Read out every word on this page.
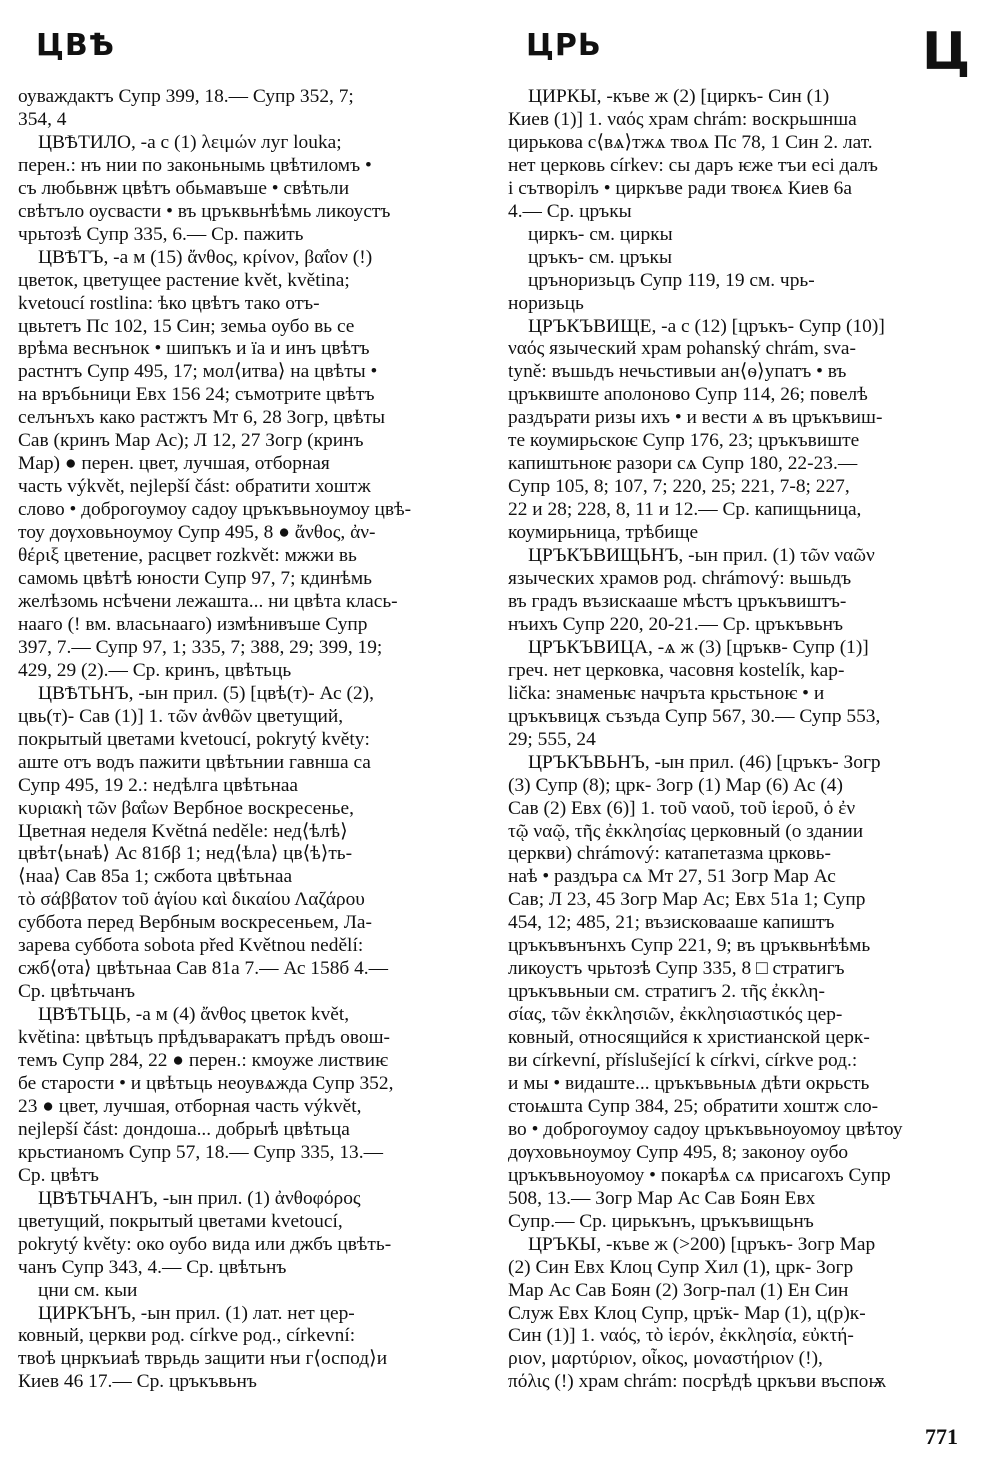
ЦВѢ	ЦРЬ	Ц
оуваждактъ Супр 399, 18.— Супр 352, 7;
354, 4
ЦВѢТИЛО, -а с (1) λειμών луг louka;
перен.: нъ нии по законьнымь цвѣтиломъ •
съ любьвнж цвѣтъ обьмавъше • свѣтьли
свѣтъло оусвасти • въ цръквьнѣѣмь ликоустъ
чрьтозѣ Супр 335, 6.— Ср. пажить
ЦВѢТЪ, -а м (15) ἄνθος, κρίνον, βαΐον (!)
цветок, цветущее растение květ, květina;
kvetoucí rostlina: ѣко цвѣтъ тако отъ-
цвьтетъ Пс 102, 15 Син; земьа оубо вь се
врѣма веснънок • шипъкъ и їа и инъ цвѣтъ
растнтъ Супр 495, 17; мол⟨итва⟩ на цвѣты •
на връбьници Евх 156 24; съмотрите цвѣтъ
селънъхъ како растжтъ Мт 6, 28 Зогр, цвѣты
Сав (кринъ Мар Ас); Л 12, 27 Зогр (кринъ
Мар) ● перен. цвет, лучшая, отборная
часть výkvět, nejlepší část: обратити хоштж
слово • доброгоумоу садоу цръкъвьноумоу цвѣ-
тоу дѹховьноумоу Супр 495, 8 ● ἄνθος, ἀν-
θέριξ цветение, расцвет rozkvět: мжжи вь
самомь цвѣтѣ юности Супр 97, 7; кдинѣмь
желѣзомь нсѣчени лежашта... ни цвѣта клась-
нааго (! вм. власьнааго) измѣнивъше Супр
397, 7.— Супр 97, 1; 335, 7; 388, 29; 399, 19;
429, 29 (2).— Ср. кринъ, цвѣтьць
ЦВѢТЬНЪ, -ын прил. (5) [цвѣ(т)- Ас (2),
цвь(т)- Сав (1)] 1. τῶν ἀνθῶν цветущий,
покрытый цветами kvetoucí, pokrytý květy:
аште отъ водъ пажити цвѣтьнии гавнша са
Супр 495, 19 2.: недѣлга цвѣтьнаа
κυριακὴ τῶν βαΐων Вербное воскресенье,
Цветная неделя Květná neděle: нед⟨ѣлѣ⟩
цвѣт⟨ьнаѣ⟩ Ас 81бβ 1; нед⟨ѣла⟩ цв⟨ѣ⟩ть-
⟨наа⟩ Сав 85а 1; сжбота цвѣтьнаа
τὸ σάββατον τοῦ ἁγίου καὶ δικαίου Λαζάρου
суббота перед Вербным воскресеньем, Ла-
зарева суббота sobota před Květnou nedělí:
сжб⟨ота⟩ цвѣтьнаа Сав 81а 7.— Ас 158б 4.—
Ср. цвѣтьчанъ
ЦВѢТЬЦЬ, -а м (4) ἄνθος цветок květ,
květina: цвѣтьцъ прѣдъваракатъ прѣдъ овош-
темъ Супр 284, 22 ● перен.: кмоуже листвиѥ
бе старости • и цвѣтьць неоувѧжда Супр 352,
23 ● цвет, лучшая, отборная часть výkvět,
nejlepší část: дондоша... добрыѣ цвѣтьца
крьстианомъ Супр 57, 18.— Супр 335, 13.—
Ср. цвѣтъ
ЦВѢТЬЧАНЪ, -ын прил. (1) ἀνθοφόρος
цветущий, покрытый цветами kvetoucí,
pokrytý květy: око оубо вида или джбъ цвѣть-
чанъ Супр 343, 4.— Ср. цвѣтьнъ
цни см. кыи
ЦИРКЪНЪ, -ын прил. (1) лат. нет цер-
ковный, церкви род. církve род., církevní:
твоѣ цнркъиаѣ тврьдь защити нъи г⟨оспод⟩и
Киев 46 17.— Ср. цръкъвьнъ
ЦИРКЫ, -къве ж (2) [циркъ- Син (1)
Киев (1)] 1. ναός храм chrám: воскрьшнша
цирькова с⟨вѧ⟩тжѧ твоѧ Пс 78, 1 Син 2. лат.
нет церковь církev: сы даръ ѥже тъи есі далъ
і сътворілъ • циркъве ради твоѥѧ Киев 6а
4.— Ср. цръкы
циркъ- см. циркы
цръкъ- см. цръкы
цръноризьцъ Супр 119, 19 см. чрь-
норизьць
ЦРЪКЪВИЩЕ, -а с (12) [цръкъ- Супр (10)]
ναός языческий храм pohanský chrám, sva-
tyně: въшьдъ нечьстивыи ан⟨ѳ⟩упатъ • въ
цръквиште аполоново Супр 114, 26; повелѣ
раздърати ризы ихъ • и вести ѧ въ цръкъвиш-
те коумирьскоѥ Супр 176, 23; цръкъвиште
капиштьноѥ разори сѧ Супр 180, 22-23.—
Супр 105, 8; 107, 7; 220, 25; 221, 7-8; 227,
22 и 28; 228, 8, 11 и 12.— Ср. капищьница,
коумирьница, трѣбище
ЦРЪКЪВИЩЬНЪ, -ын прил. (1) τῶν ναῶν
языческих храмов род. chrámový: вьшьдъ
въ градъ възискааше мѣстъ цръкъвиштъ-
нъихъ Супр 220, 20-21.— Ср. цръкъвьнъ
ЦРЪКЪВИЦА, -ѧ ж (3) [цръкв- Супр (1)]
греч. нет церковка, часовня kostelík, kap-
lička: знаменьѥ начрътa крьстьноѥ • и
цръкъвицѫ съзъда Супр 567, 30.— Супр 553,
29; 555, 24
ЦРЪКЪВЬНЪ, -ын прил. (46) [цръкъ- Зогр
(3) Супр (8); црк- Зогр (1) Мар (6) Ас (4)
Сав (2) Евх (6)] 1. τοῦ ναοῦ, τοῦ ἱεροῦ, ὁ ἐν
τῷ ναῷ, τῆς ἐκκλησίας церковный (о здании
церкви) chrámový: катапетазма црковь-
наѣ • раздъра сѧ Мт 27, 51 Зогр Мар Ас
Сав; Л 23, 45 Зогр Мар Ас; Евх 51а 1; Супр
454, 12; 485, 21; възисковааше капиштъ
цръкъвънънхъ Супр 221, 9; въ цръквьнѣѣмь
ликоустъ чрьтозѣ Супр 335, 8 □ стратигъ
цръкъвьныи см. стратигъ 2. τῆς ἐκκλη-
σίας, τῶν ἐκκλησιῶν, ἐκκλησιαστικός цер-
ковный, относящийся к христианской церк-
ви církevní, příslušející k církvi, církve род.:
и мы • видаште... цръкъвьныѧ дѣти окрьсть
стоѩшта Супр 384, 25; обратити хоштж сло-
во • доброгоумоу садоу цръкъвьноуомоу цвѣтоу
дѹховьноумоу Супр 495, 8; законоу оубо
цръкъвьноуомоу • покарѣѧ сѧ присагохъ Супр
508, 13.— Зогр Мар Ас Сав Боян Евх
Супр.— Ср. цирькънъ, цръкъвищьнъ
ЦРЪКЫ, -къве ж (>200) [цръкъ- Зогр Мар
(2) Син Евх Клоц Супр Хил (1), црк- Зогр
Мар Ас Сав Боян (2) Зогр-пал (1) Ен Син
Служ Евх Клоц Супр, цръ̈к- Мар (1), ц(р)к-
Син (1)] 1. ναός, τὸ ἱερόν, ἐκκλησία, εὐκτή-
ριον, μαρτύριον, οἶκος, μοναστήριον (!),
πόλις (!) храм chrám: посрѣдѣ цркъви въспоѭ
771
